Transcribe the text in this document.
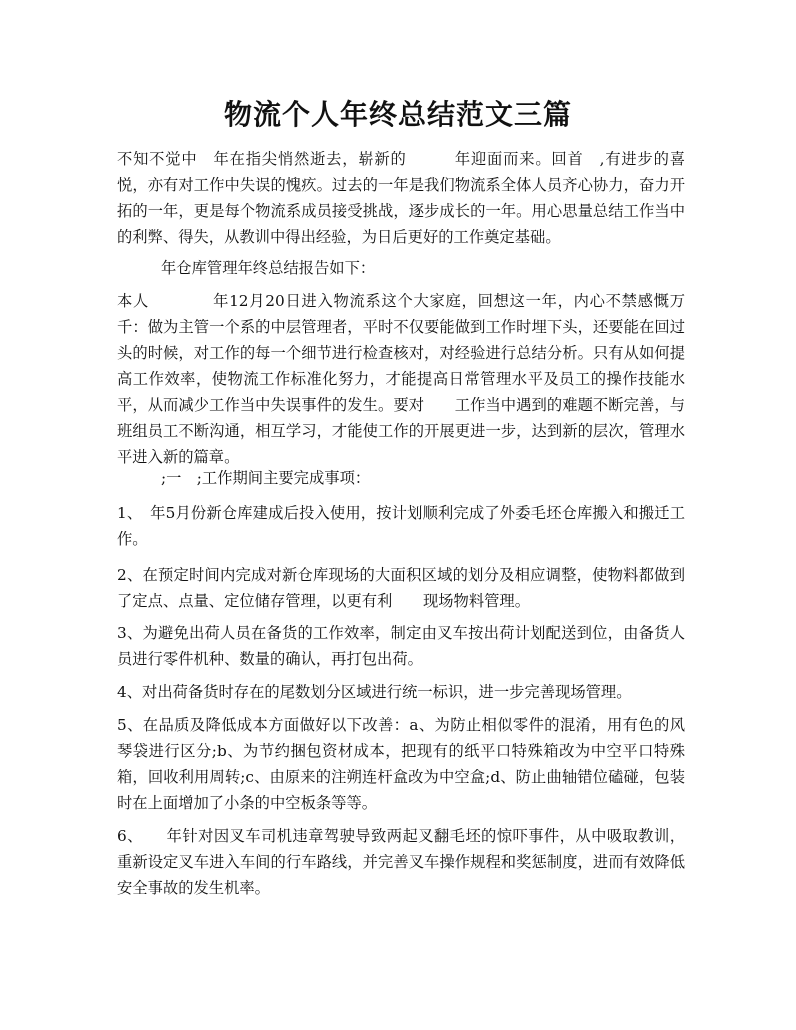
物流个人年终总结范文三篇

不知不觉中　年在指尖悄然逝去，崭新的　　　年迎面而来。回首　,有进步的喜悦，亦有对工作中失误的愧疚。过去的一年是我们物流系全体人员齐心协力，奋力开拓的一年，更是每个物流系成员接受挑战，逐步成长的一年。用心思量总结工作当中的利弊、得失，从教训中得出经验，为日后更好的工作奠定基础。

年仓库管理年终总结报告如下：

本人　　　　年12月20日进入物流系这个大家庭，回想这一年，内心不禁感慨万千：做为主管一个系的中层管理者，平时不仅要能做到工作时埋下头，还要能在回过头的时候，对工作的每一个细节进行检查核对，对经验进行总结分析。只有从如何提高工作效率，使物流工作标准化努力，才能提高日常管理水平及员工的操作技能水平，从而减少工作当中失误事件的发生。要对　　工作当中遇到的难题不断完善，与班组员工不断沟通，相互学习，才能使工作的开展更进一步，达到新的层次，管理水平进入新的篇章。

;一　;工作期间主要完成事项：

1、　年5月份新仓库建成后投入使用，按计划顺利完成了外委毛坯仓库搬入和搬迁工作。

2、在预定时间内完成对新仓库现场的大面积区域的划分及相应调整，使物料都做到了定点、点量、定位储存管理，以更有利　　现场物料管理。

3、为避免出荷人员在备货的工作效率，制定由叉车按出荷计划配送到位，由备货人员进行零件机种、数量的确认，再打包出荷。

4、对出荷备货时存在的尾数划分区域进行统一标识，进一步完善现场管理。

5、在品质及降低成本方面做好以下改善：a、为防止相似零件的混淆，用有色的风琴袋进行区分;b、为节约捆包资材成本，把现有的纸平口特殊箱改为中空平口特殊箱，回收利用周转;c、由原来的注朔连杆盒改为中空盒;d、防止曲轴错位磕碰，包装时在上面增加了小条的中空板条等等。

6、　　年针对因叉车司机违章驾驶导致两起叉翻毛坯的惊吓事件，从中吸取教训，重新设定叉车进入车间的行车路线，并完善叉车操作规程和奖惩制度，进而有效降低安全事故的发生机率。
